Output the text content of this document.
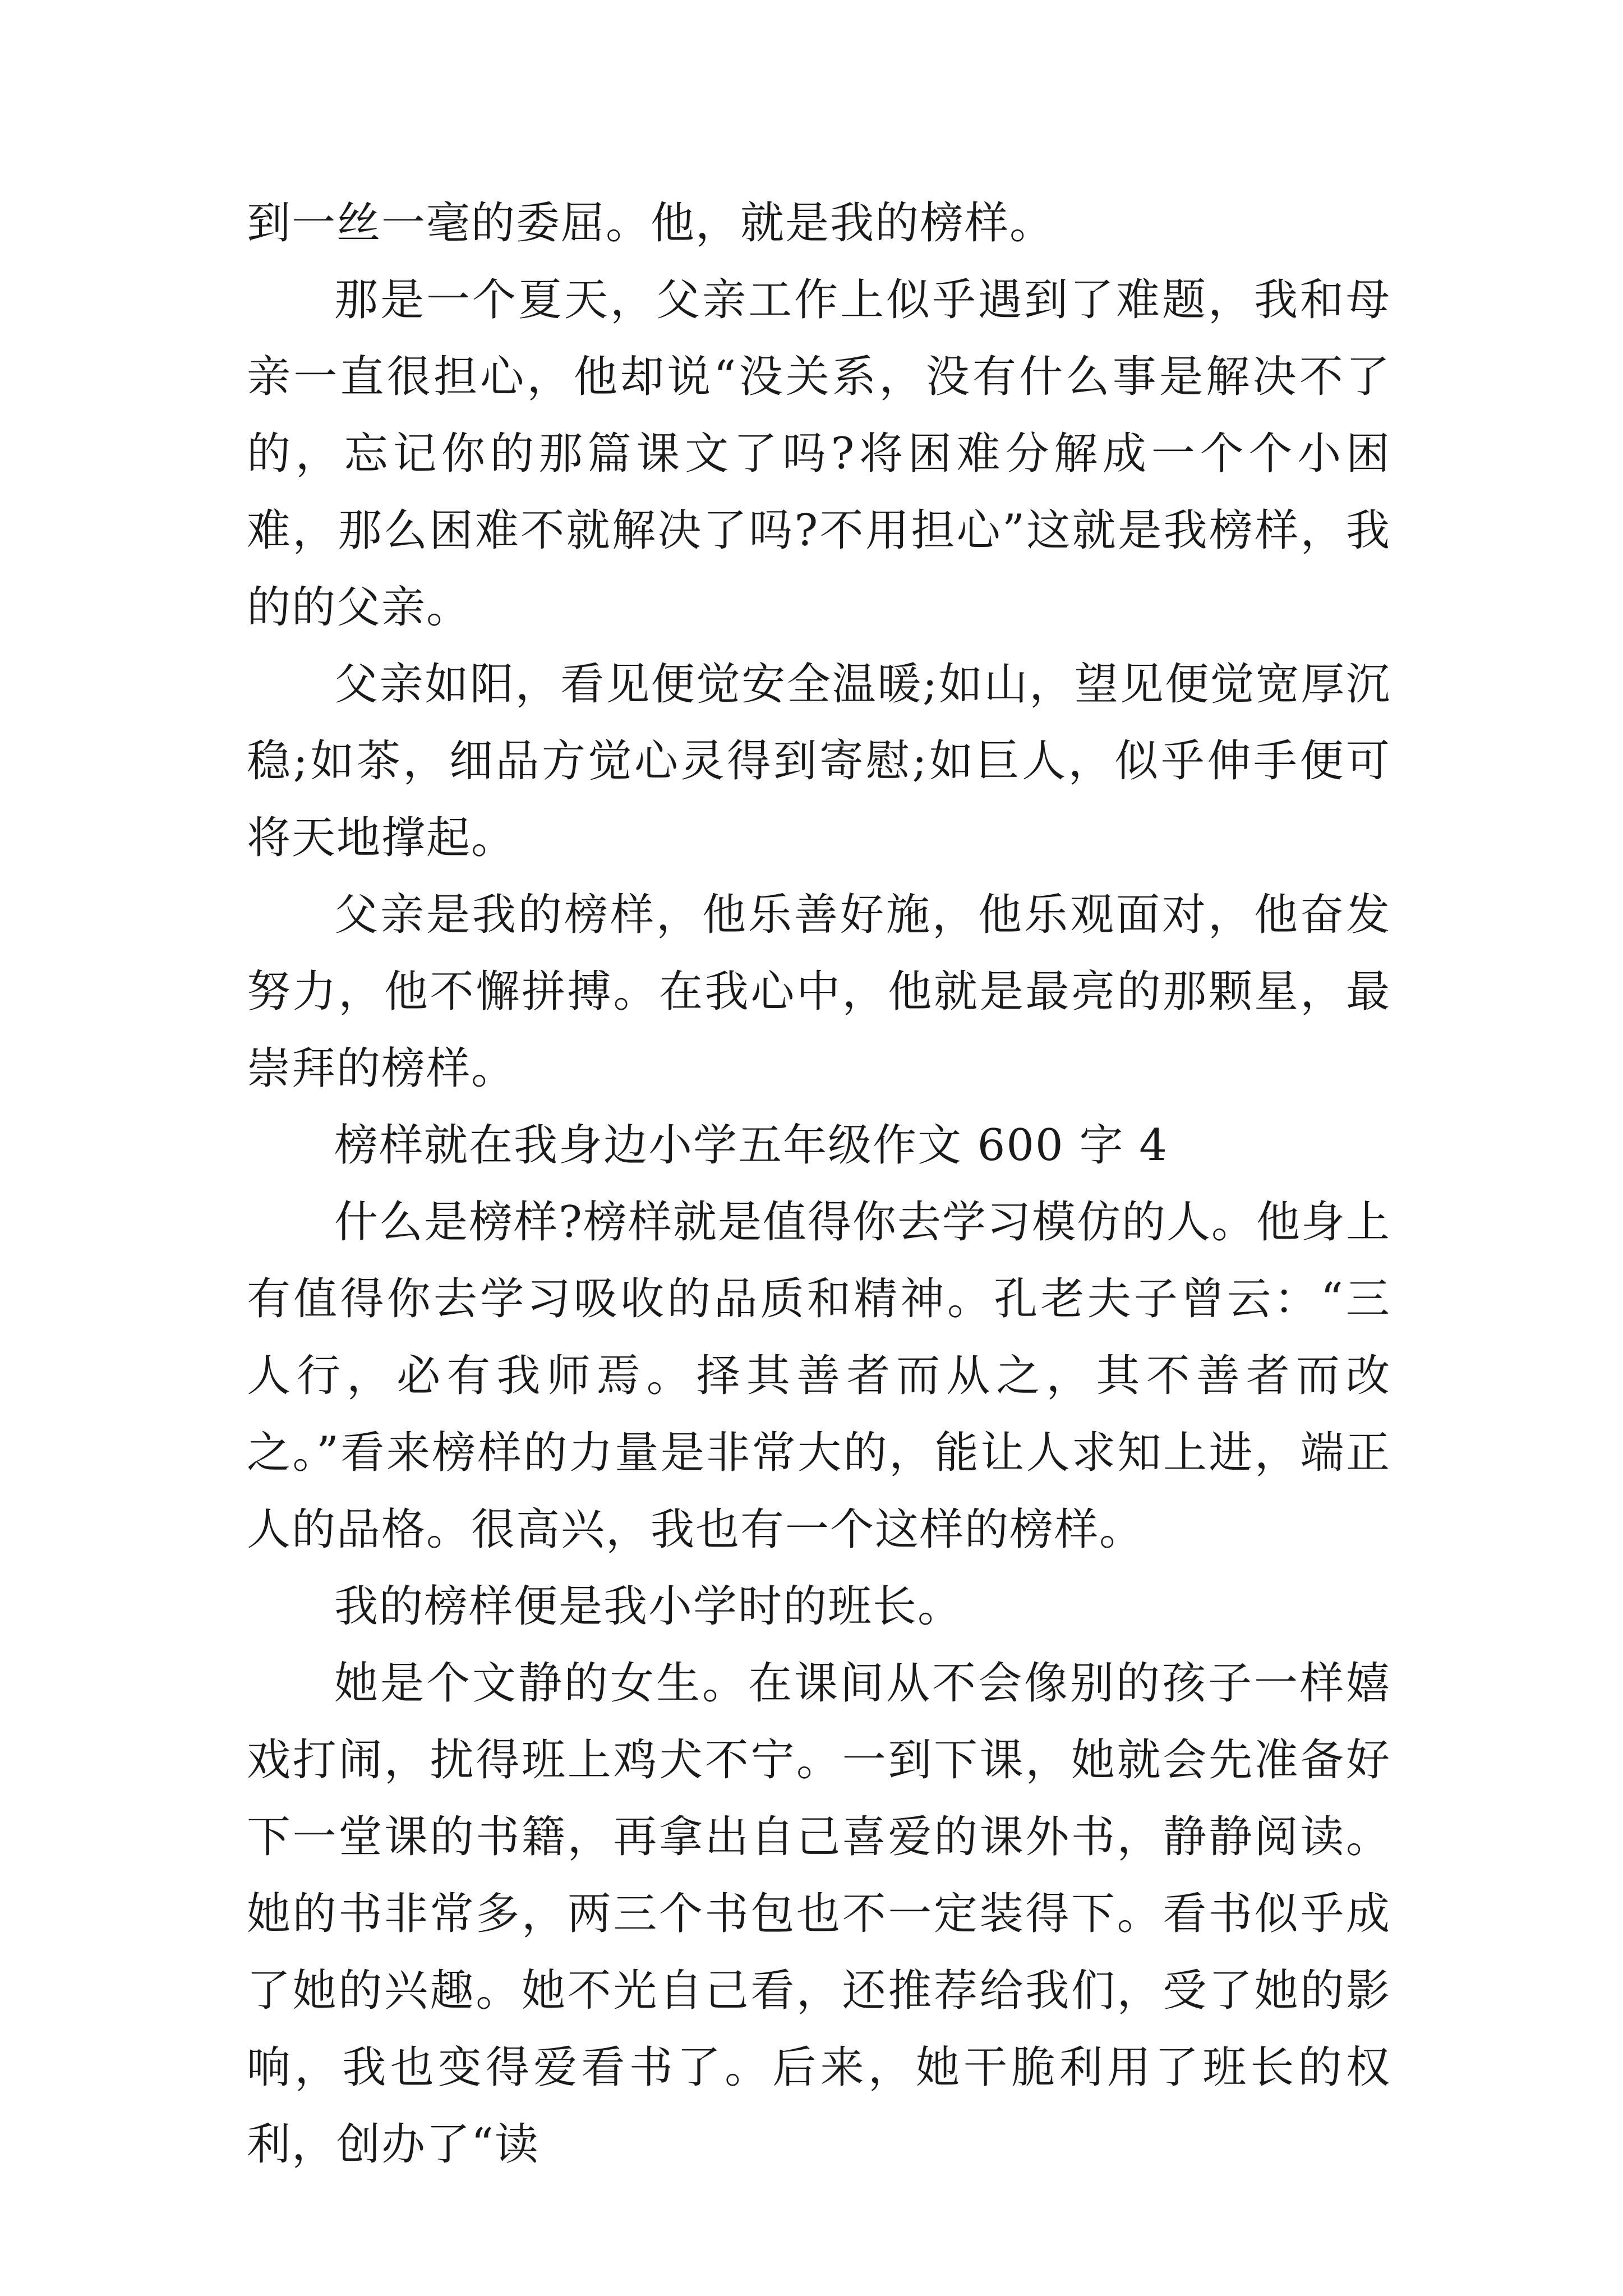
到一丝一毫的委屈。他，就是我的榜样。

那是一个夏天，父亲工作上似乎遇到了难题，我和母亲一直很担心，他却说“没关系，没有什么事是解决不了的，忘记你的那篇课文了吗?将困难分解成一个个小困难，那么困难不就解决了吗?不用担心”这就是我榜样，我的的父亲。

父亲如阳，看见便觉安全温暖;如山，望见便觉宽厚沉稳;如茶，细品方觉心灵得到寄慰;如巨人，似乎伸手便可将天地撑起。

父亲是我的榜样，他乐善好施，他乐观面对，他奋发努力，他不懈拼搏。在我心中，他就是最亮的那颗星，最崇拜的榜样。

榜样就在我身边小学五年级作文 600 字 4

什么是榜样?榜样就是值得你去学习模仿的人。他身上有值得你去学习吸收的品质和精神。孔老夫子曾云：“三人行，必有我师焉。择其善者而从之，其不善者而改之。”看来榜样的力量是非常大的，能让人求知上进，端正人的品格。很高兴，我也有一个这样的榜样。

我的榜样便是我小学时的班长。

她是个文静的女生。在课间从不会像别的孩子一样嬉戏打闹，扰得班上鸡犬不宁。一到下课，她就会先准备好下一堂课的书籍，再拿出自己喜爱的课外书，静静阅读。她的书非常多，两三个书包也不一定装得下。看书似乎成了她的兴趣。她不光自己看，还推荐给我们，受了她的影响，我也变得爱看书了。后来，她干脆利用了班长的权利，创办了“读
